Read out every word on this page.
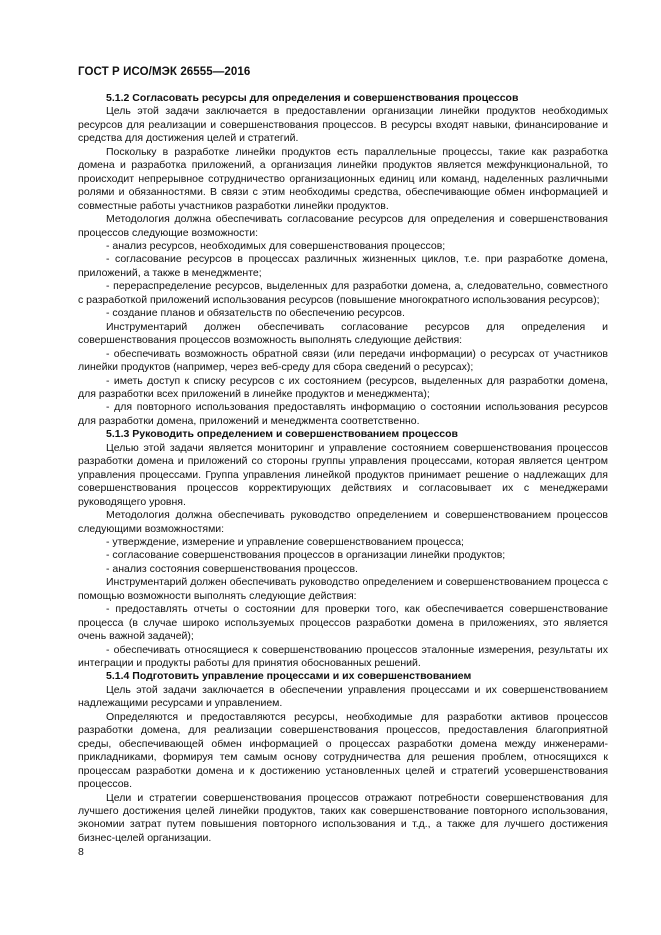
ГОСТ Р ИСО/МЭК 26555—2016

5.1.2 Согласовать ресурсы для определения и совершенствования процессов

Цель этой задачи заключается в предоставлении организации линейки продуктов необходимых ресурсов для реализации и совершенствования процессов. В ресурсы входят навыки, финансирование и средства для достижения целей и стратегий.

Поскольку в разработке линейки продуктов есть параллельные процессы, такие как разработка домена и разработка приложений, а организация линейки продуктов является межфункциональной, то происходит непрерывное сотрудничество организационных единиц или команд, наделенных различными ролями и обязанностями. В связи с этим необходимы средства, обеспечивающие обмен информацией и совместные работы участников разработки линейки продуктов.

Методология должна обеспечивать согласование ресурсов для определения и совершенствования процессов следующие возможности:

- анализ ресурсов, необходимых для совершенствования процессов;

- согласование ресурсов в процессах различных жизненных циклов, т.е. при разработке домена, приложений, а также в менеджменте;

- перераспределение ресурсов, выделенных для разработки домена, а, следовательно, совместного с разработкой приложений использования ресурсов (повышение многократного использования ресурсов);

- создание планов и обязательств по обеспечению ресурсов.

Инструментарий должен обеспечивать согласование ресурсов для определения и совершенствования процессов возможность выполнять следующие действия:

- обеспечивать возможность обратной связи (или передачи информации) о ресурсах от участников линейки продуктов (например, через веб-среду для сбора сведений о ресурсах);

- иметь доступ к списку ресурсов с их состоянием (ресурсов, выделенных для разработки домена, для разработки всех приложений в линейке продуктов и менеджмента);

- для повторного использования предоставлять информацию о состоянии использования ресурсов для разработки домена, приложений и менеджмента соответственно.

5.1.3 Руководить определением и совершенствованием процессов

Целью этой задачи является мониторинг и управление состоянием совершенствования процессов разработки домена и приложений со стороны группы управления процессами, которая является центром управления процессами. Группа управления линейкой продуктов принимает решение о надлежащих для совершенствования процессов корректирующих действиях и согласовывает их с менеджерами руководящего уровня.

Методология должна обеспечивать руководство определением и совершенствованием процессов следующими возможностями:

- утверждение, измерение и управление совершенствованием процесса;

- согласование совершенствования процессов в организации линейки продуктов;

- анализ состояния совершенствования процессов.

Инструментарий должен обеспечивать руководство определением и совершенствованием процесса с помощью возможности выполнять следующие действия:

- предоставлять отчеты о состоянии для проверки того, как обеспечивается совершенствование процесса (в случае широко используемых процессов разработки домена в приложениях, это является очень важной задачей);

- обеспечивать относящиеся к совершенствованию процессов эталонные измерения, результаты их интеграции и продукты работы для принятия обоснованных решений.

5.1.4 Подготовить управление процессами и их совершенствованием

Цель этой задачи заключается в обеспечении управления процессами и их совершенствованием надлежащими ресурсами и управлением.

Определяются и предоставляются ресурсы, необходимые для разработки активов процессов разработки домена, для реализации совершенствования процессов, предоставления благоприятной среды, обеспечивающей обмен информацией о процессах разработки домена между инженерами-прикладниками, формируя тем самым основу сотрудничества для решения проблем, относящихся к процессам разработки домена и к достижению установленных целей и стратегий усовершенствования процессов.

Цели и стратегии совершенствования процессов отражают потребности совершенствования для лучшего достижения целей линейки продуктов, таких как совершенствование повторного использования, экономии затрат путем повышения повторного использования и т.д., а также для лучшего достижения бизнес-целей организации.

8
